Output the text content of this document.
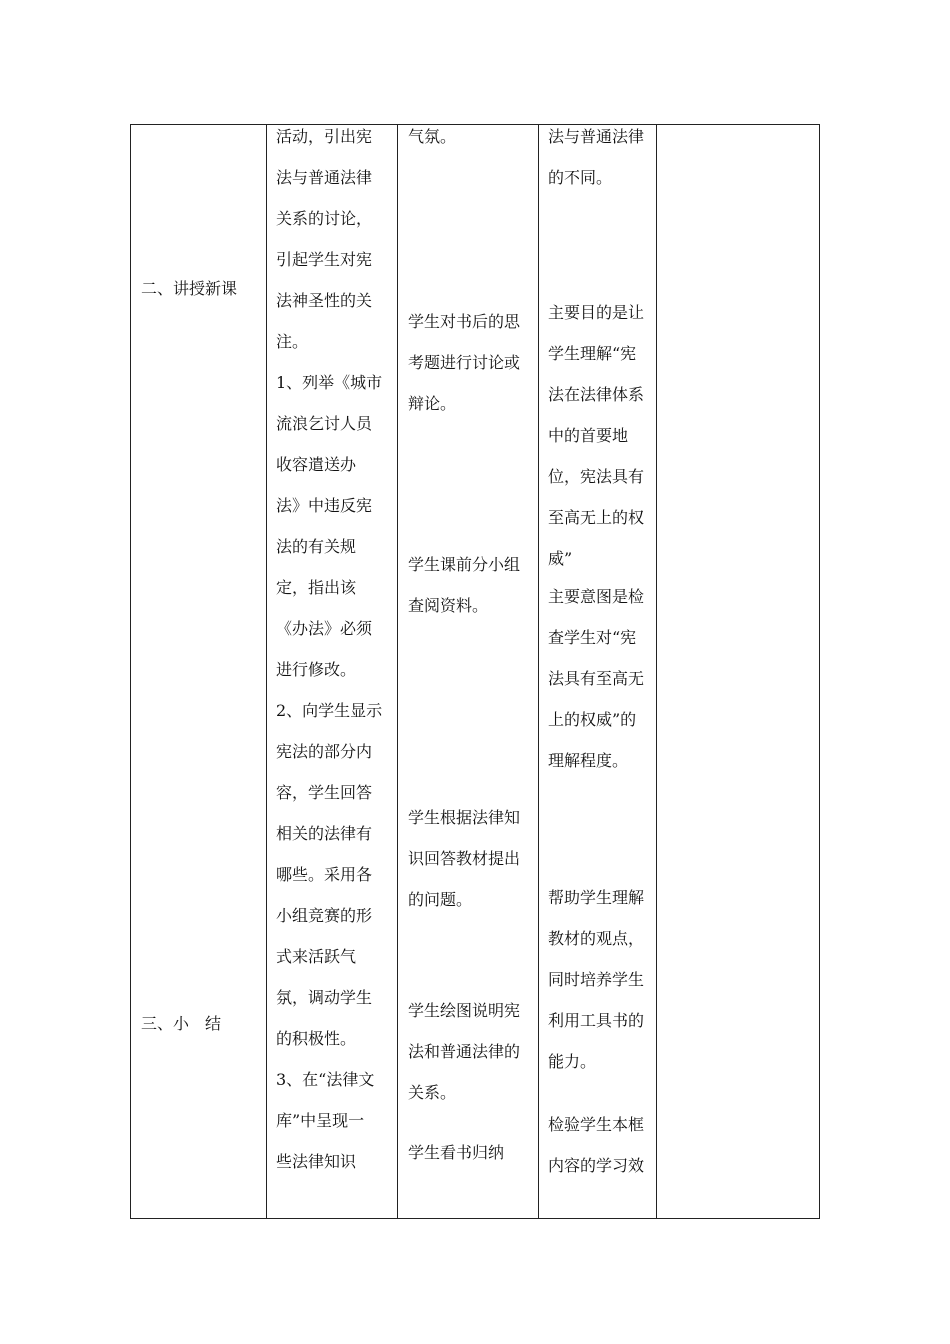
二、讲授新课
三、小　结

活动，引出宪

法与普通法律

关系的讨论，

引起学生对宪

法神圣性的关

注。

1、列举《城市

流浪乞讨人员

收容遣送办

法》中违反宪

法的有关规

定，指出该

《办法》必须

进行修改。

2、向学生显示

宪法的部分内

容，学生回答

相关的法律有

哪些。采用各

小组竞赛的形

式来活跃气

氛，调动学生

的积极性。

3、在“法律文

库”中呈现一

些法律知识

气氛。

学生对书后的思

考题进行讨论或

辩论。

学生课前分小组

查阅资料。

学生根据法律知

识回答教材提出

的问题。

学生绘图说明宪

法和普通法律的

关系。

学生看书归纳

法与普通法律

的不同。

主要目的是让

学生理解“宪

法在法律体系

中的首要地

位，宪法具有

至高无上的权

威”

主要意图是检

查学生对“宪

法具有至高无

上的权威”的

理解程度。

帮助学生理解

教材的观点，

同时培养学生

利用工具书的

能力。

检验学生本框

内容的学习效
